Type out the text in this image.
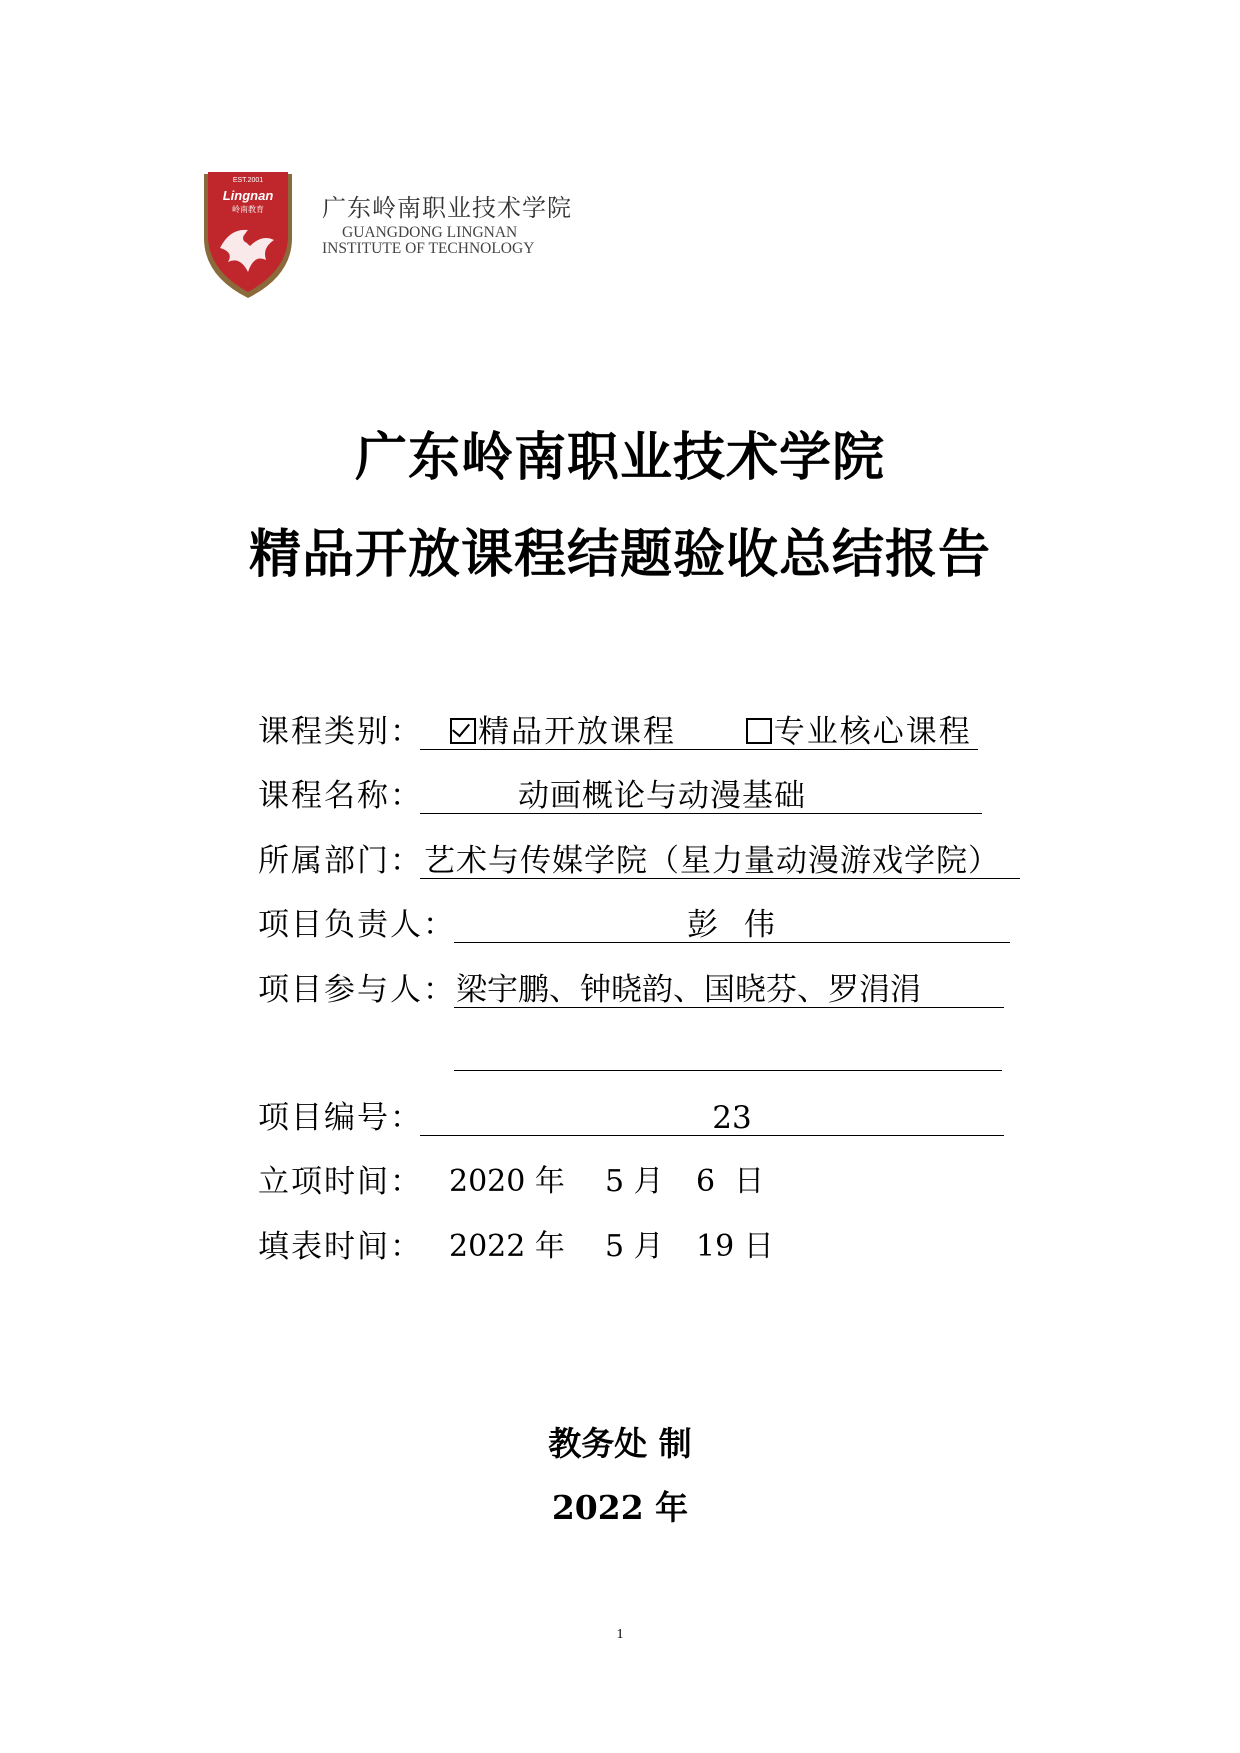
EST.2001
Lingnan
岭南教育 广东岭南职业技术学院
GUANGDONG LINGNAN
INSTITUTE OF TECHNOLOGY
广东岭南职业技术学院
精品开放课程结题验收总结报告
课程类别：	精品开放课程	专业核心课程
课程名称：	动画概论与动漫基础
所属部门： 艺术与传媒学院（星力量动漫游戏学院）
项目负责人：	彭  伟
项目参与人： 梁宇鹏、钟晓韵、国晓芬、罗涓涓
项目编号：	23
立项时间： 2020 年 5 月 6  日
填表时间： 2022 年 5 月 19 日
教务处 制
2022 年
1
